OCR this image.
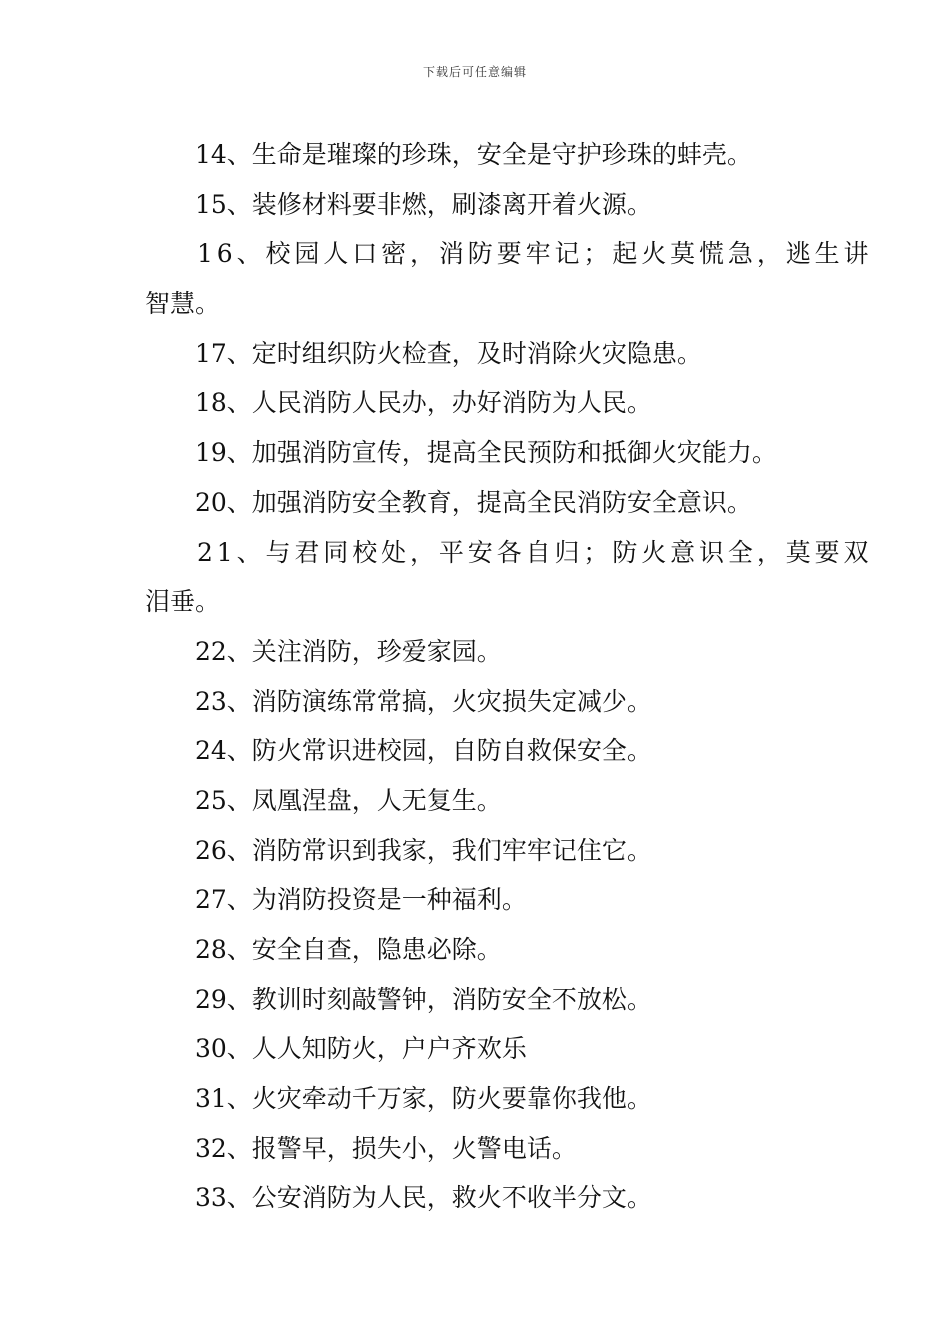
下载后可任意编辑
14、生命是璀璨的珍珠，安全是守护珍珠的蚌壳。
15、装修材料要非燃，刷漆离开着火源。
16、校园人口密，消防要牢记；起火莫慌急，逃生讲
智慧。
17、定时组织防火检查，及时消除火灾隐患。
18、人民消防人民办，办好消防为人民。
19、加强消防宣传，提高全民预防和抵御火灾能力。
20、加强消防安全教育，提高全民消防安全意识。
21、与君同校处，平安各自归；防火意识全，莫要双
泪垂。
22、关注消防，珍爱家园。
23、消防演练常常搞，火灾损失定减少。
24、防火常识进校园，自防自救保安全。
25、凤凰涅盘，人无复生。
26、消防常识到我家，我们牢牢记住它。
27、为消防投资是一种福利。
28、安全自查，隐患必除。
29、教训时刻敲警钟，消防安全不放松。
30、人人知防火，户户齐欢乐
31、火灾牵动千万家，防火要靠你我他。
32、报警早，损失小，火警电话。
33、公安消防为人民，救火不收半分文。
